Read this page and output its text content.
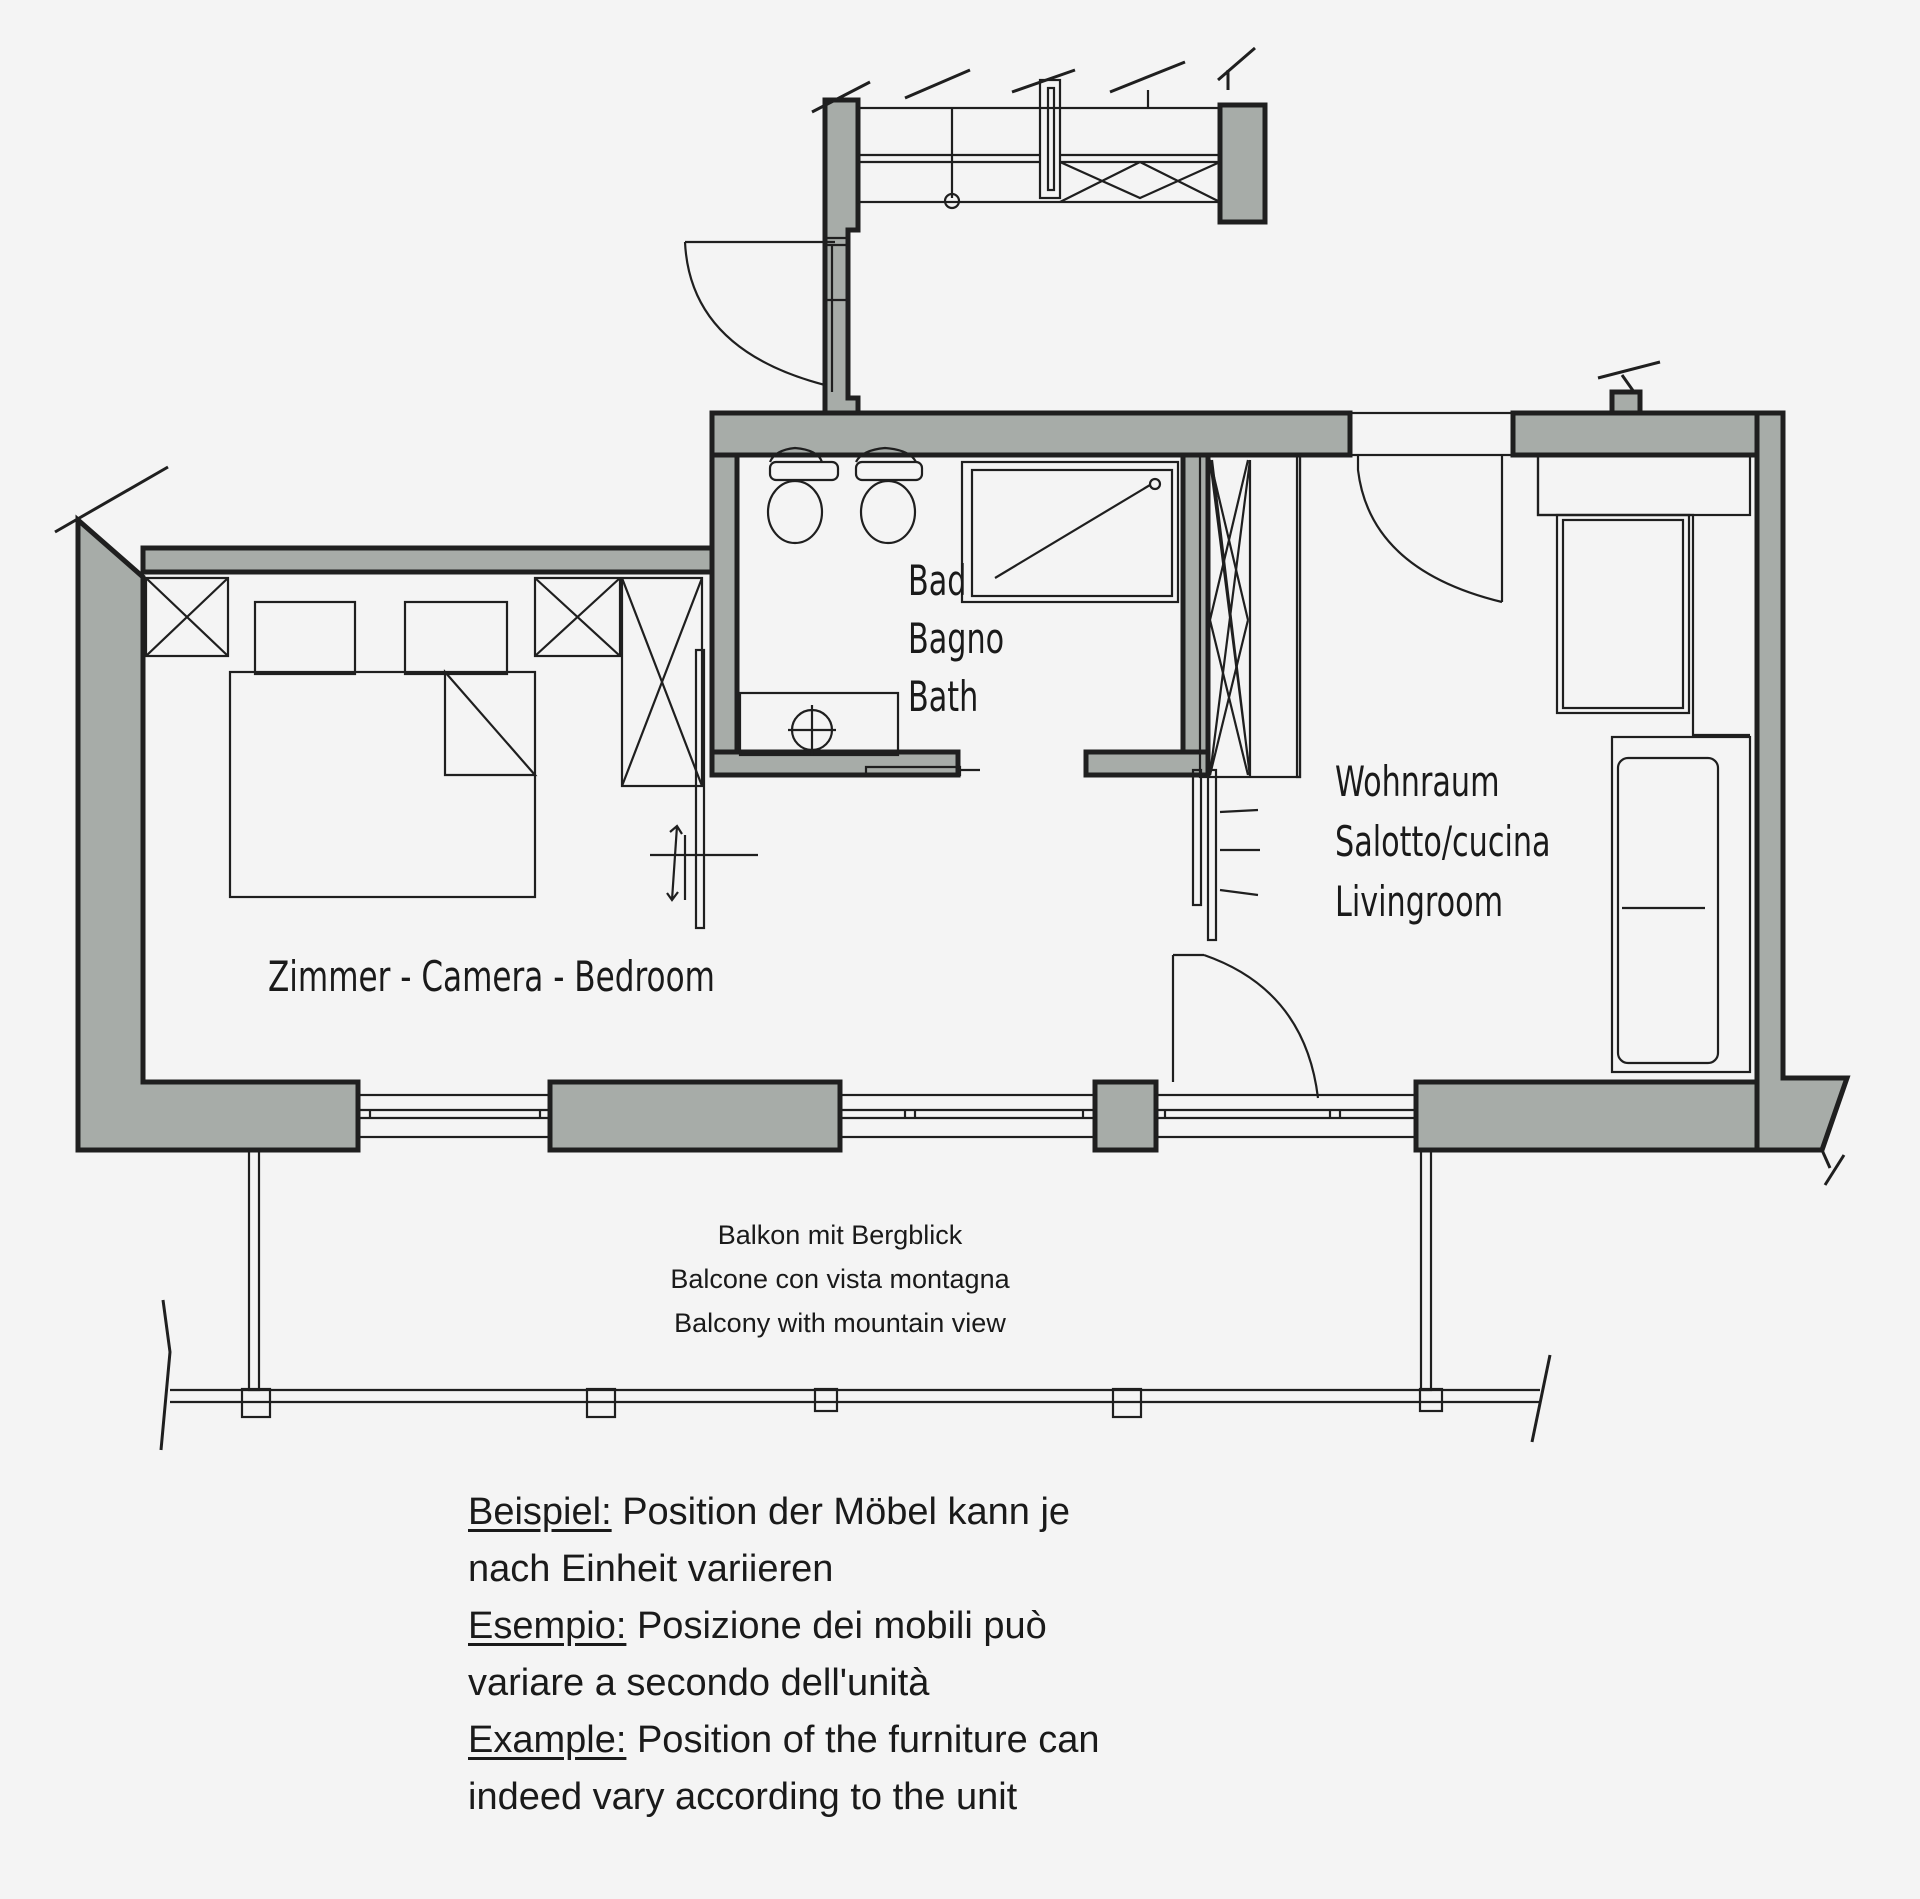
Bad
Bagno
Bath
Wohnraum
Salotto/cucina
Livingroom
Zimmer - Camera - Bedroom
Balkon mit Bergblick
Balcone con vista montagna
Balcony with mountain view
Beispiel: Position der Möbel kann je
nach Einheit variieren
Esempio: Posizione dei mobili può
variare a secondo dell'unità
Example: Position of the furniture can
indeed vary according to the unit
